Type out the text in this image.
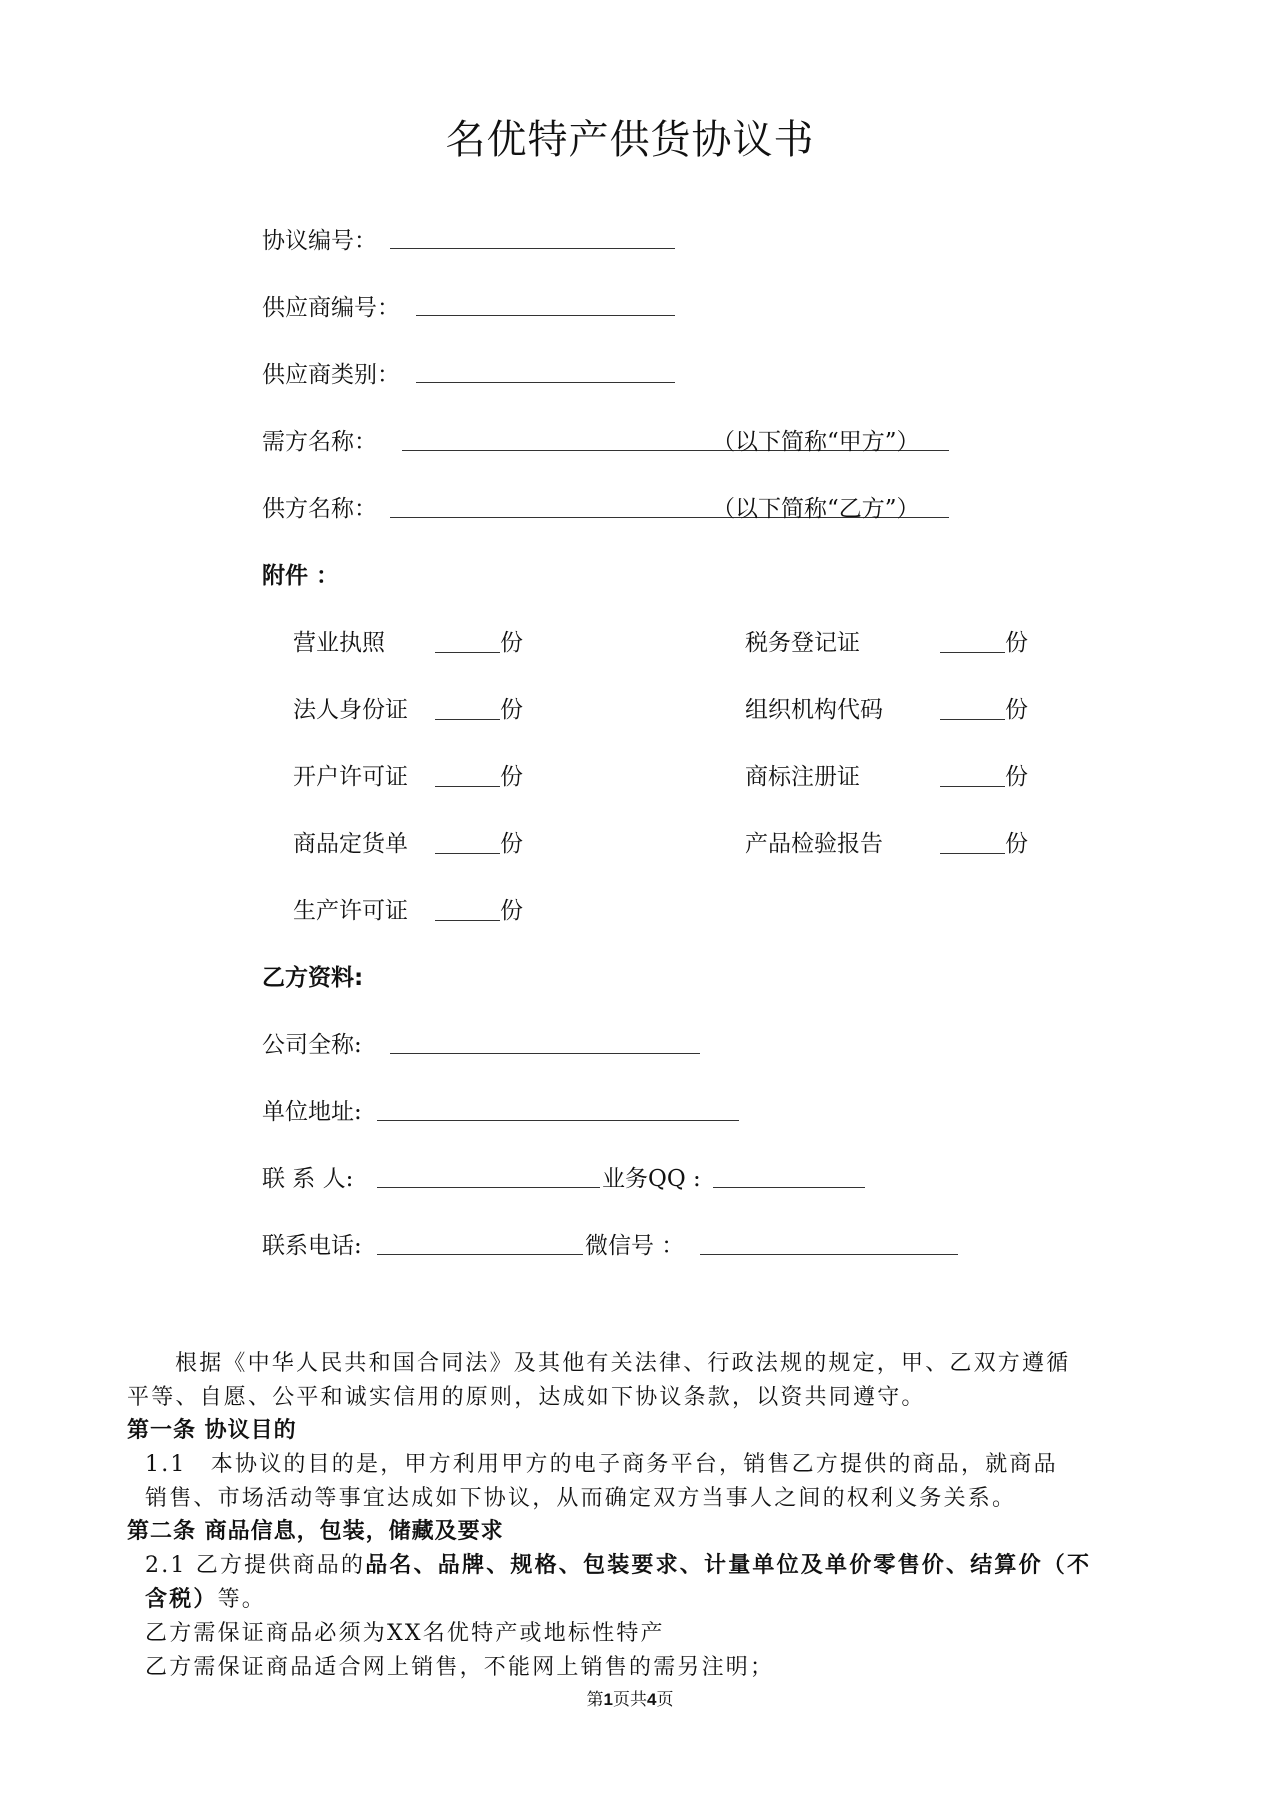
名优特产供货协议书
协议编号：
供应商编号：
供应商类别：
需方名称：	（以下简称“甲方”）
供方名称：	（以下简称“乙方”）
附件 ：
营业执照	份
法人身份证	份
开户许可证	份
商品定货单	份
生产许可证	份
税务登记证	份
组织机构代码	份
商标注册证	份
产品检验报告	份
乙方资料:
公司全称:
单位地址:
联 系 人:	业务QQ :
联系电话:	微信号 ：
根据《中华人民共和国合同法》及其他有关法律、行政法规的规定，甲、乙双方遵循
平等、自愿、公平和诚实信用的原则，达成如下协议条款，以资共同遵守。
第一条 协议目的
1.1　本协议的目的是，甲方利用甲方的电子商务平台，销售乙方提供的商品，就商品
销售、市场活动等事宜达成如下协议，从而确定双方当事人之间的权利义务关系。
第二条 商品信息，包装，储藏及要求
2.1 乙方提供商品的品名、品牌、规格、包装要求、计量单位及单价零售价、结算价（不
含税）等。
乙方需保证商品必须为XX名优特产或地标性特产
乙方需保证商品适合网上销售，不能网上销售的需另注明；
第1页共4页
